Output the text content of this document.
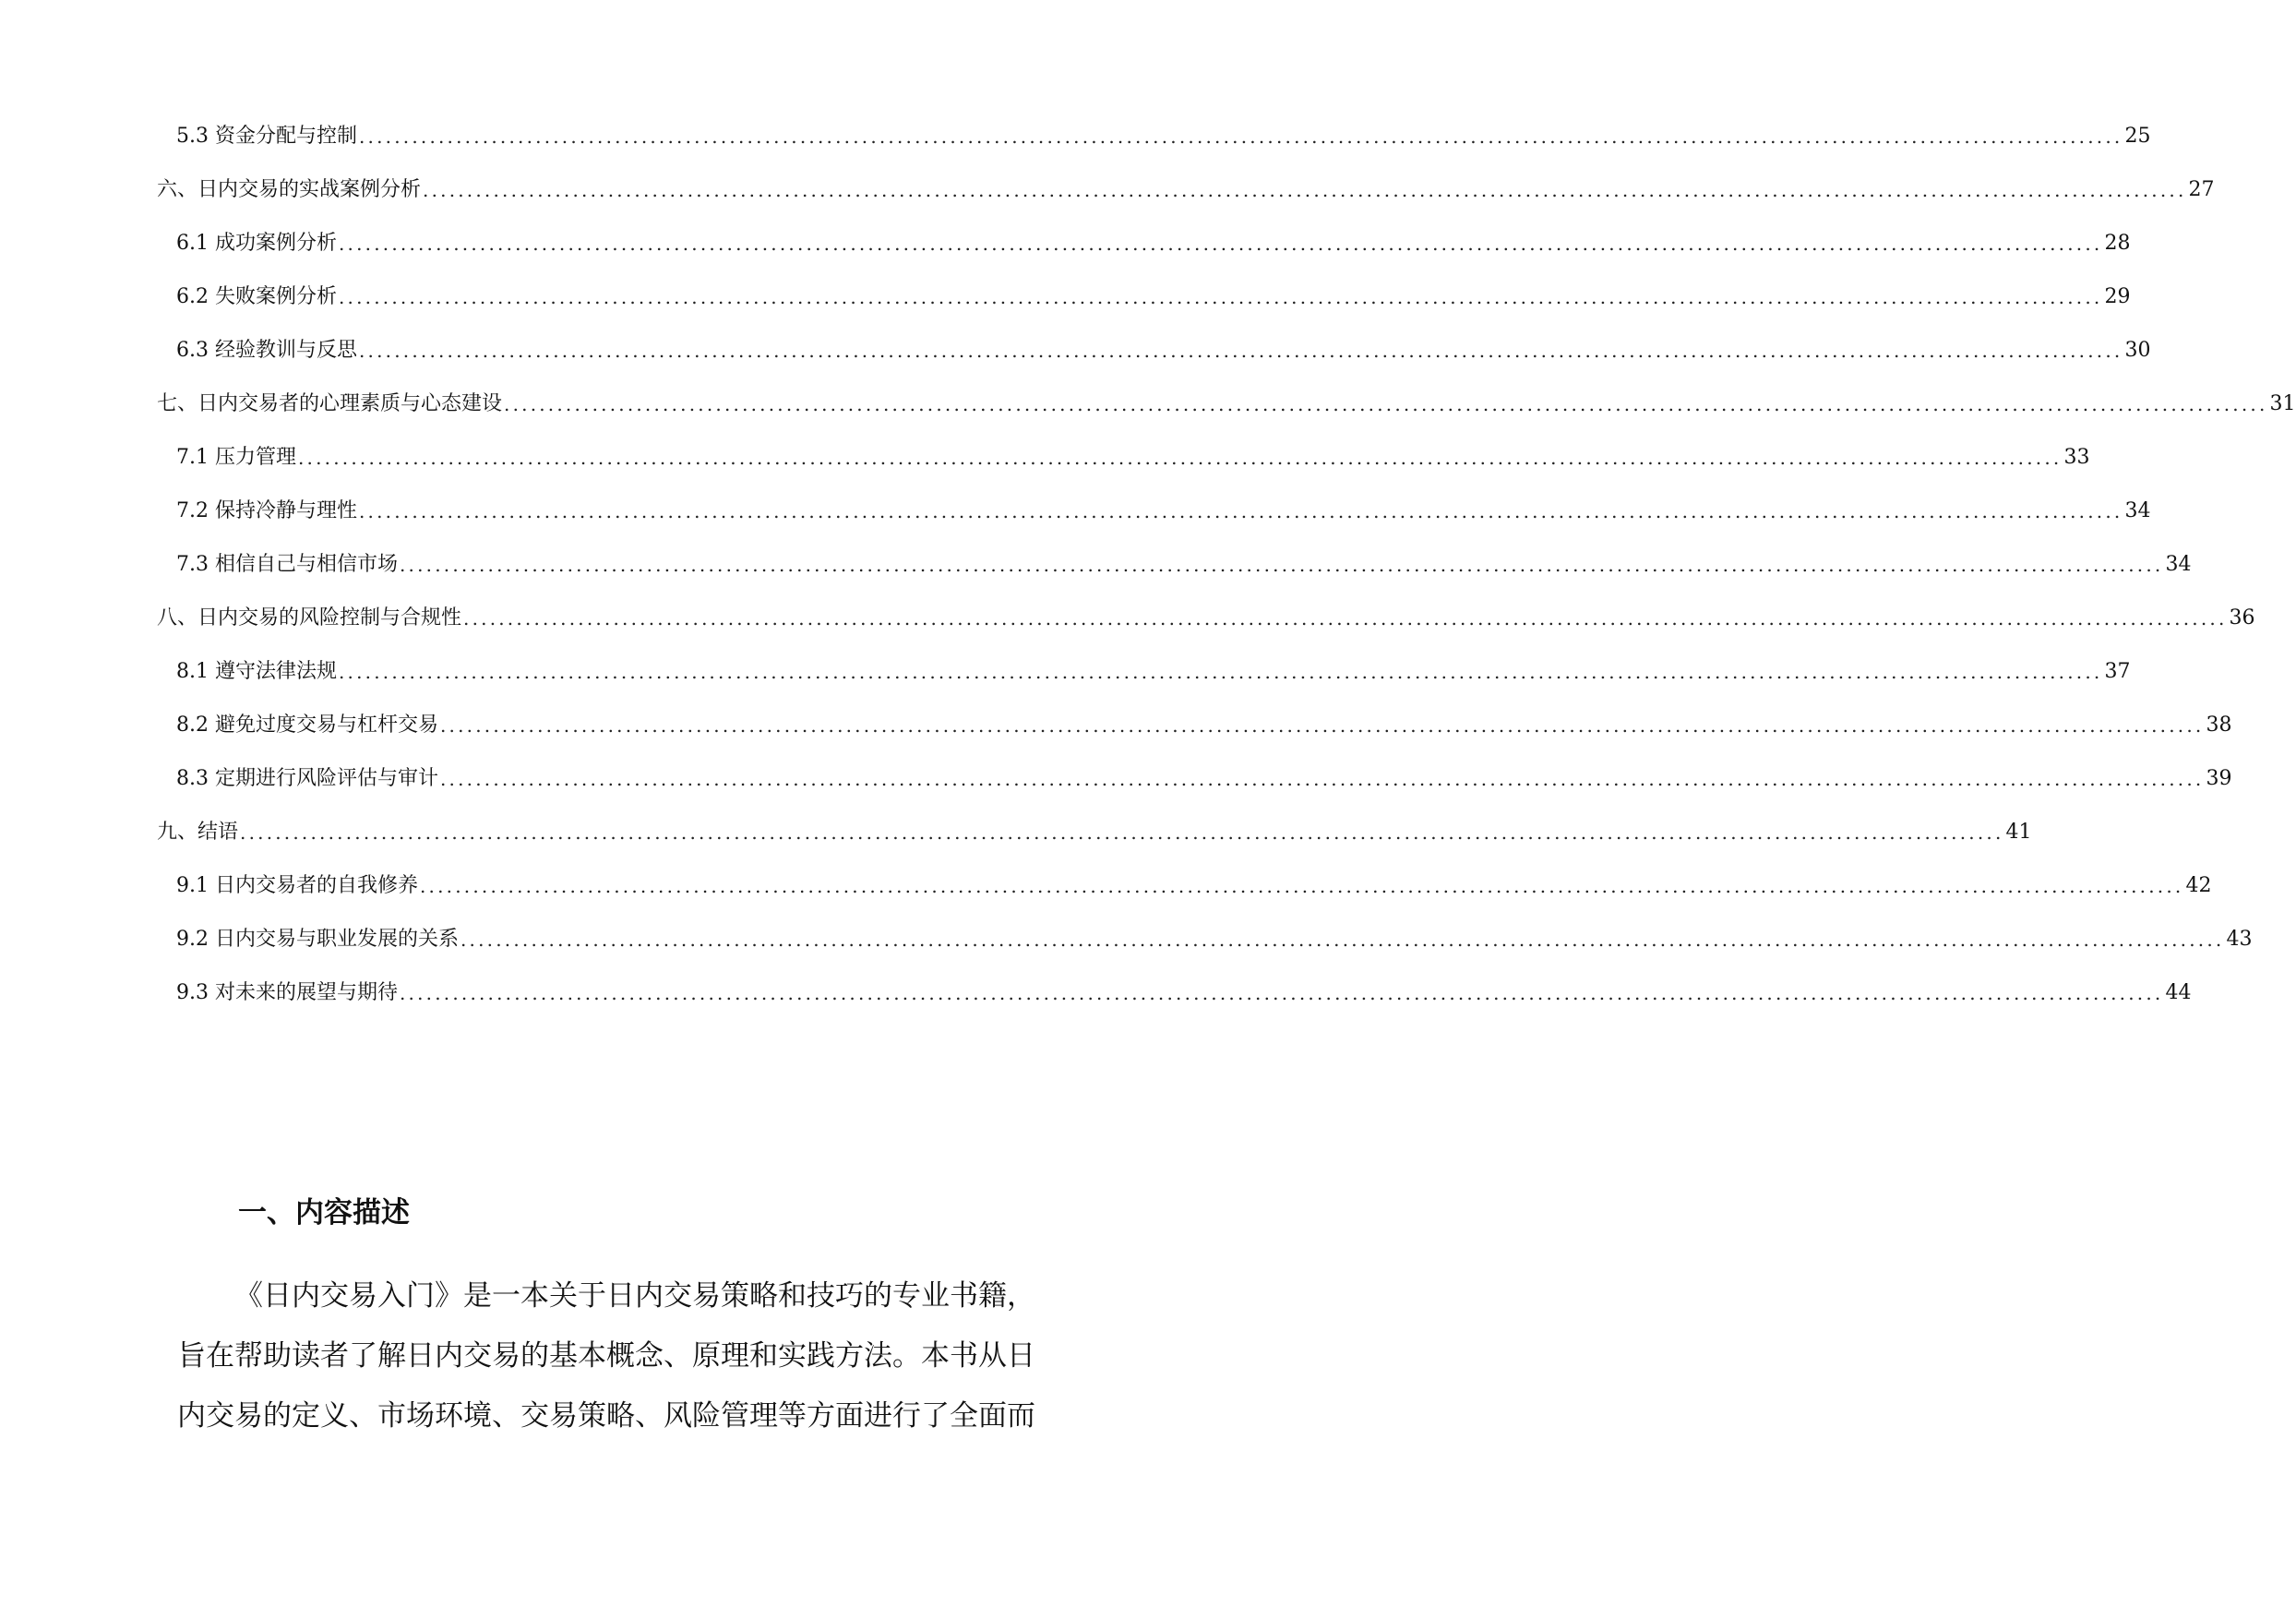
5.3 资金分配与控制 ........................................................................................................................................................................................................ 25
六、日内交易的实战案例分析 ........................................................................................................................................................................................................ 27
6.1 成功案例分析 ........................................................................................................................................................................................................ 28
6.2 失败案例分析 ........................................................................................................................................................................................................ 29
6.3 经验教训与反思 ........................................................................................................................................................................................................ 30
七、日内交易者的心理素质与心态建设 ........................................................................................................................................................................................................ 31
7.1 压力管理 ........................................................................................................................................................................................................ 33
7.2 保持冷静与理性 ........................................................................................................................................................................................................ 34
7.3 相信自己与相信市场 ........................................................................................................................................................................................................ 34
八、日内交易的风险控制与合规性 ........................................................................................................................................................................................................ 36
8.1 遵守法律法规 ........................................................................................................................................................................................................ 37
8.2 避免过度交易与杠杆交易 ........................................................................................................................................................................................................ 38
8.3 定期进行风险评估与审计 ........................................................................................................................................................................................................ 39
九、结语 ........................................................................................................................................................................................................ 41
9.1 日内交易者的自我修养 ........................................................................................................................................................................................................ 42
9.2 日内交易与职业发展的关系 ........................................................................................................................................................................................................ 43
9.3 对未来的展望与期待 ........................................................................................................................................................................................................ 44
一、内容描述
《日内交易入门》是一本关于日内交易策略和技巧的专业书籍，
旨在帮助读者了解日内交易的基本概念、原理和实践方法。本书从日
内交易的定义、市场环境、交易策略、风险管理等方面进行了全面而
